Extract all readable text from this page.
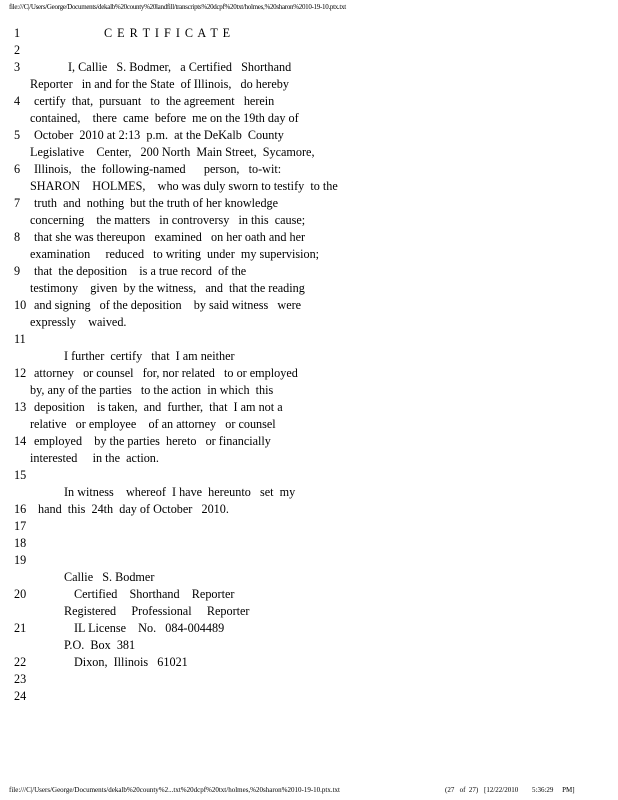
file:///C|/Users/George/Documents/dekalb%20county%20landfill/transcripts%20dcpf%20txt/holmes,%20sharon%2010-19-10.ptx.txt
1	C E R T I F I C A T E
2
3	I, Callie   S. Bodmer,   a Certified   Shorthand
Reporter   in and for the State  of Illinois,   do hereby
4 certify  that,  pursuant   to  the agreement   herein
contained,    there  came  before  me on the 19th day of
5 October  2010 at 2:13  p.m.  at the DeKalb  County
Legislative    Center,   200 North  Main Street,  Sycamore,
6 Illinois,   the  following-named      person,   to-wit:
SHARON    HOLMES,    who was duly sworn to testify  to the
7 truth  and  nothing  but the truth of her knowledge
concerning    the matters   in controversy   in this  cause;
8 that she was thereupon   examined   on her oath and her
examination     reduced   to writing  under  my supervision;
9 that  the deposition    is a true record  of the
testimony    given  by the witness,   and  that the reading
10 and signing   of the deposition    by said witness   were
expressly    waived.
11
I further  certify   that  I am neither
12 attorney   or counsel   for, nor related   to or employed
by, any of the parties   to the action  in which  this
13 deposition    is taken,  and  further,  that  I am not a
relative   or employee    of an attorney   or counsel
14 employed    by the parties  hereto   or financially
interested     in the  action.
15
In witness    whereof  I have  hereunto   set  my
16 hand  this  24th  day of October   2010.
17
18
19
Callie   S. Bodmer
20	Certified    Shorthand    Reporter
Registered     Professional     Reporter
21	IL License    No.   084-004489
P.O.  Box  381
22	Dixon,  Illinois   61021
23
24
file:///C|/Users/George/Documents/dekalb%20county%2...txt%20dcpf%20txt/holmes,%20sharon%2010-19-10.ptx.txt	(27   of  27) [12/22/2010 5:36:29     PM]
